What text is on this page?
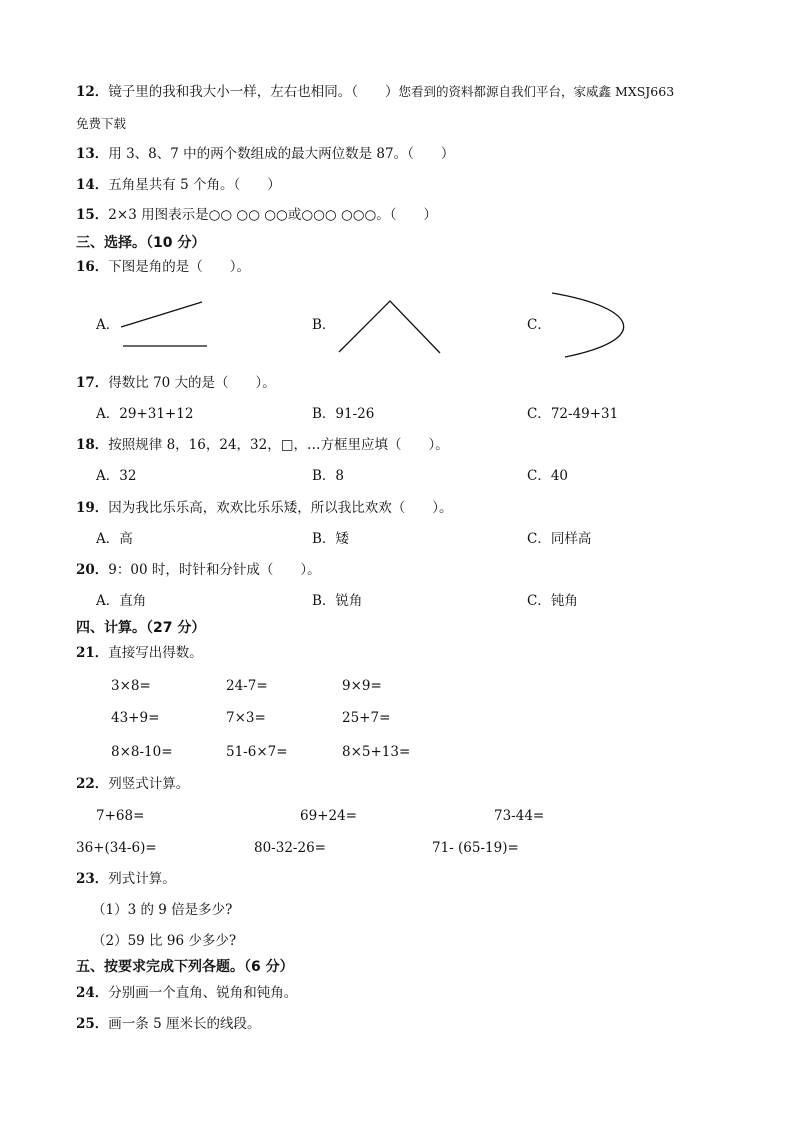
12．镜子里的我和我大小一样，左右也相同。（　　）您看到的资料都源自我们平台，家威鑫 MXSJ663
免费下载
13．用 3、8、7 中的两个数组成的最大两位数是 87。（　　）
14．五角星共有 5 个角。（　　）
15．2×3 用图表示是○○ ○○ ○○或○○○ ○○○。（　　）
三、选择。（10 分）
16．下图是角的是（　　）。
A．	B．	C．
17．得数比 70 大的是（　　）。
A．29+31+12	B．91-26	C．72-49+31
18．按照规律 8，16，24，32，□，…方框里应填（　　）。
A．32	B．8	C．40
19．因为我比乐乐高，欢欢比乐乐矮，所以我比欢欢（　　）。
A．高	B．矮	C．同样高
20．9：00 时，时针和分针成（　　）。
A．直角	B．锐角	C．钝角
四、计算。（27 分）
21．直接写出得数。
3×8=	24-7=	9×9=
43+9=	7×3=	25+7=
8×8-10=	51-6×7=	8×5+13=
22．列竖式计算。
7+68=	69+24=	73-44=
36+(34-6)=	80-32-26=	71- (65-19)=
23．列式计算。
（1）3 的 9 倍是多少?
（2）59 比 96 少多少?
五、按要求完成下列各题。（6 分）
24．分别画一个直角、锐角和钝角。
25．画一条 5 厘米长的线段。
